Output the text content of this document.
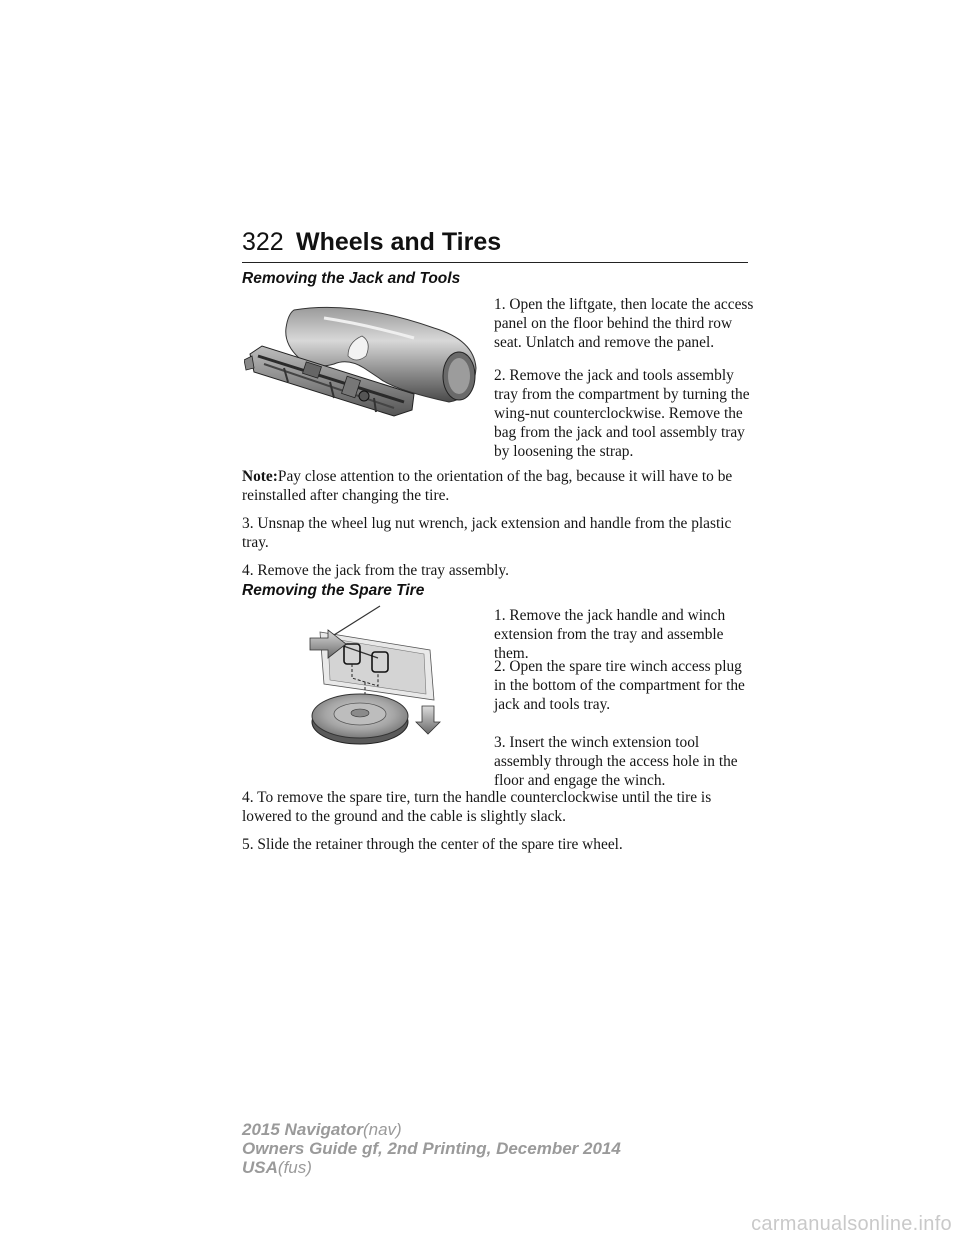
322 Wheels and Tires
Removing the Jack and Tools

1. Open the liftgate, then locate the access panel on the floor behind the third row seat. Unlatch and remove the panel.

2. Remove the jack and tools assembly tray from the compartment by turning the wing-nut counterclockwise. Remove the bag from the jack and tool assembly tray by loosening the strap.

Note:Pay close attention to the orientation of the bag, because it will have to be reinstalled after changing the tire.

3. Unsnap the wheel lug nut wrench, jack extension and handle from the plastic tray.

4. Remove the jack from the tray assembly.

Removing the Spare Tire

1. Remove the jack handle and winch extension from the tray and assemble them.

2. Open the spare tire winch access plug in the bottom of the compartment for the jack and tools tray.

3. Insert the winch extension tool assembly through the access hole in the floor and engage the winch.

4. To remove the spare tire, turn the handle counterclockwise until the tire is lowered to the ground and the cable is slightly slack.

5. Slide the retainer through the center of the spare tire wheel.

2015 Navigator(nav)
Owners Guide gf, 2nd Printing, December 2014
USA(fus)
carmanualsonline.info
